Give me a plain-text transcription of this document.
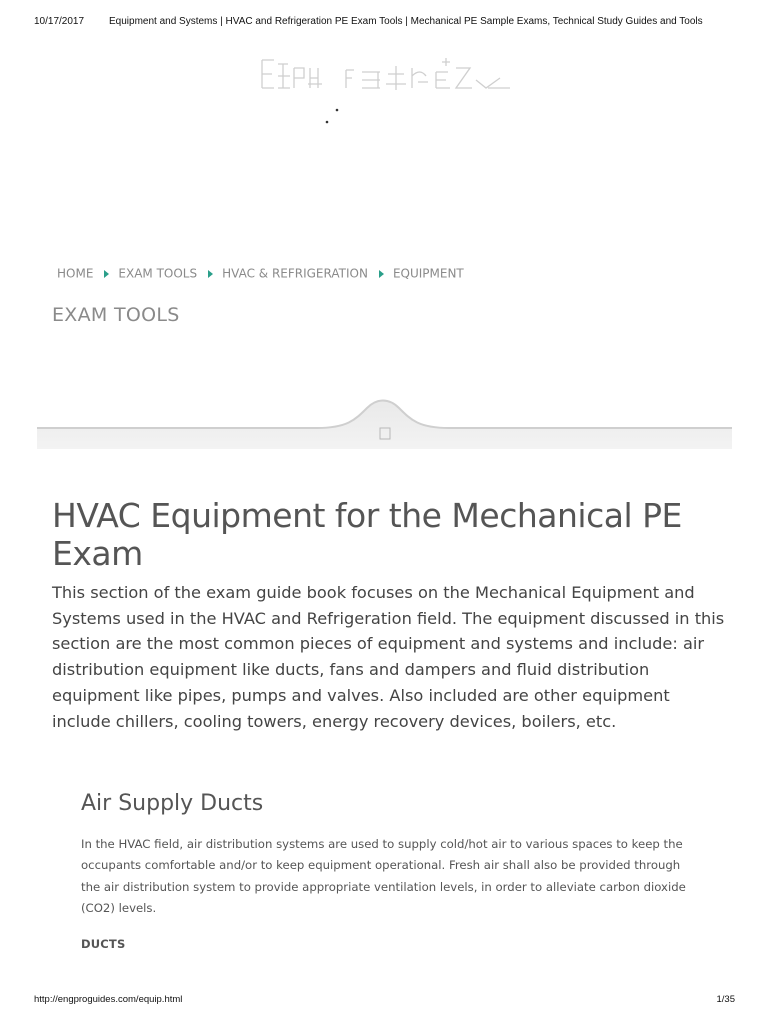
10/17/2017 Equipment and Systems | HVAC and Refrigeration PE Exam Tools | Mechanical PE Sample Exams, Technical Study Guides and Tools
HOME EXAM TOOLS HVAC & REFRIGERATION EQUIPMENT
EXAM TOOLS
HVAC Equipment for the Mechanical PE Exam

This section of the exam guide book focuses on the Mechanical Equipment and Systems used in the HVAC and Refrigeration field. The equipment discussed in this section are the most common pieces of equipment and systems and include: air distribution equipment like ducts, fans and dampers and fluid distribution equipment like pipes, pumps and valves. Also included are other equipment include chillers, cooling towers, energy recovery devices, boilers, etc.

Air Supply Ducts

In the HVAC field, air distribution systems are used to supply cold/hot air to various spaces to keep the occupants comfortable and/or to keep equipment operational. Fresh air shall also be provided through the air distribution system to provide appropriate ventilation levels, in order to alleviate carbon dioxide (CO2) levels.

DUCTS
http://engproguides.com/equip.html	1/35
